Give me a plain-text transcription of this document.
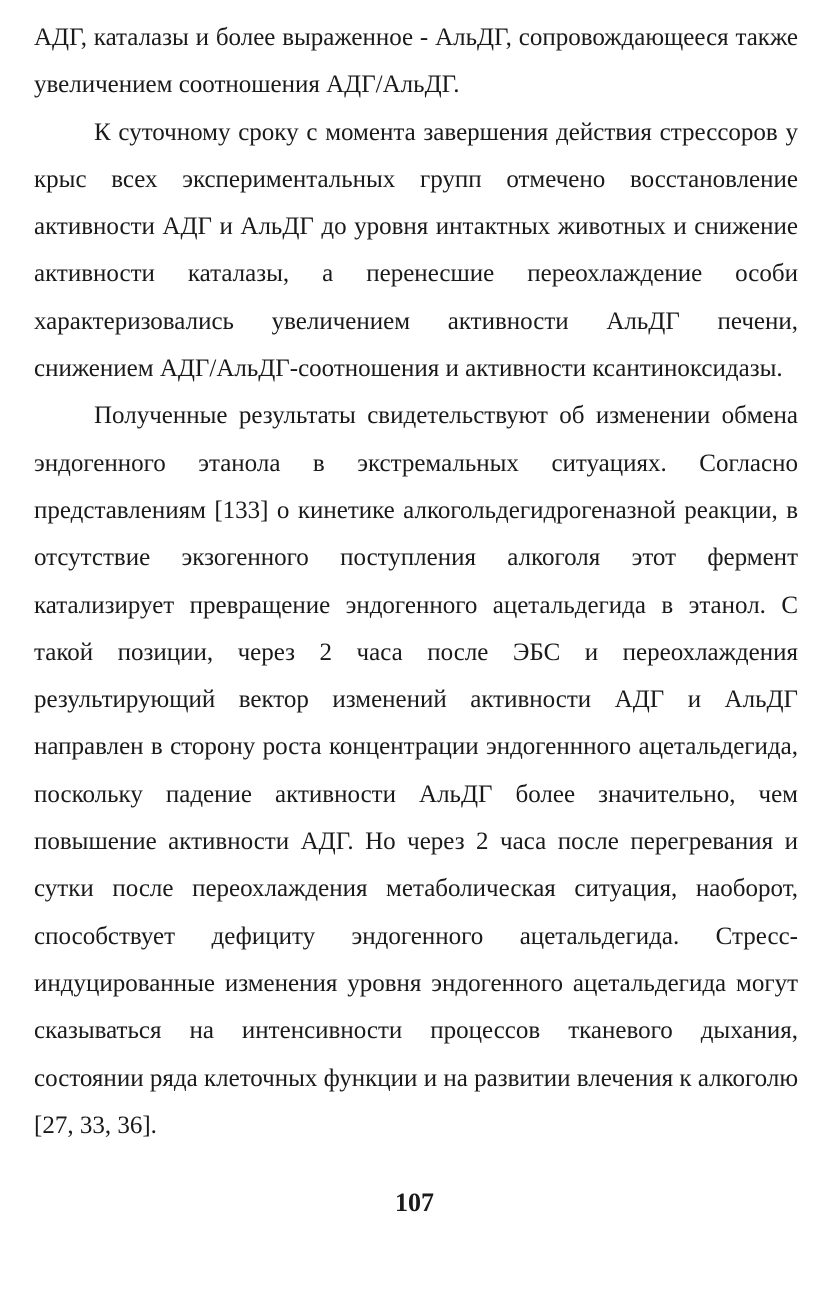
АДГ, каталазы и более выраженное - АльДГ, сопровождающееся также увеличением соотношения АДГ/АльДГ.

К суточному сроку с момента завершения действия стрессоров у крыс всех экспериментальных групп отмечено восстановление активности АДГ и АльДГ до уровня интактных животных и снижение активности каталазы, а перенесшие переохлаждение особи характеризовались увеличением активности АльДГ печени, снижением АДГ/АльДГ-соотношения и активности ксантиноксидазы.

Полученные результаты свидетельствуют об изменении обмена эндогенного этанола в экстремальных ситуациях. Согласно представлениям [133] о кинетике алкогольдегидрогеназной реакции, в отсутствие экзогенного поступления алкоголя этот фермент катализирует превращение эндогенного ацетальдегида в этанол. С такой позиции, через 2 часа после ЭБС и переохлаждения результирующий вектор изменений активности АДГ и АльДГ направлен в сторону роста концентрации эндогеннного ацетальдегида, поскольку падение активности АльДГ более значительно, чем повышение активности АДГ. Но через 2 часа после перегревания и сутки после переохлаждения метаболическая ситуация, наоборот, способствует дефициту эндогенного ацетальдегида. Стресс-индуцированные изменения уровня эндогенного ацетальдегида могут сказываться на интенсивности процессов тканевого дыхания, состоянии ряда клеточных функции и на развитии влечения к алкоголю [27, 33, 36].

107
